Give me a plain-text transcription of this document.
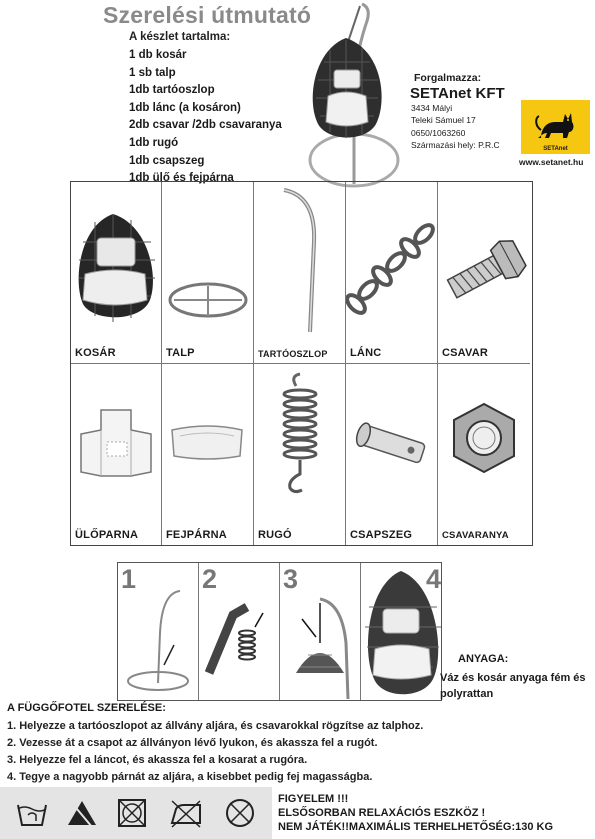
Szerelési útmutató
A készlet tartalma:
1 db kosár
1 sb talp
1db tartóoszlop
1db lánc (a kosáron)
2db csavar /2db csavaranya
1db rugó
1db csapszeg
1db ülő és fejpárna
Forgalmazza:
SETAnet KFT
3434 Mályi
Teleki Sámuel 17
0650/1063260
Származási hely: P.R.C	SETAnet
www.setanet.hu
KOSÁR	TALP	TARTÓOSZLOP LÁNC	CSAVAR
ÜLŐPARNA	FEJPÁRNA	RUGÓ	CSAPSZEG	CSAVARANYA
1 2 3	4
ANYAGA:
Váz és kosár anyaga fém és polyrattan
A FÜGGŐFOTEL SZERELÉSE:
1. Helyezze a tartóoszlopot az állvány aljára, és csavarokkal rögzítse az talphoz.
2. Vezesse át a csapot az állványon lévő lyukon, és akassza fel a rugót.
3. Helyezze fel a láncot, és akassza fel a kosarat a rugóra.
4. Tegye a nagyobb párnát az aljára, a kisebbet pedig fej magasságba.
FIGYELEM !!!
ELSŐSORBAN RELAXÁCIÓS ESZKÖZ !
NEM JÁTÉK!!MAXIMÁLIS TERHELHETŐSÉG:130 KG
